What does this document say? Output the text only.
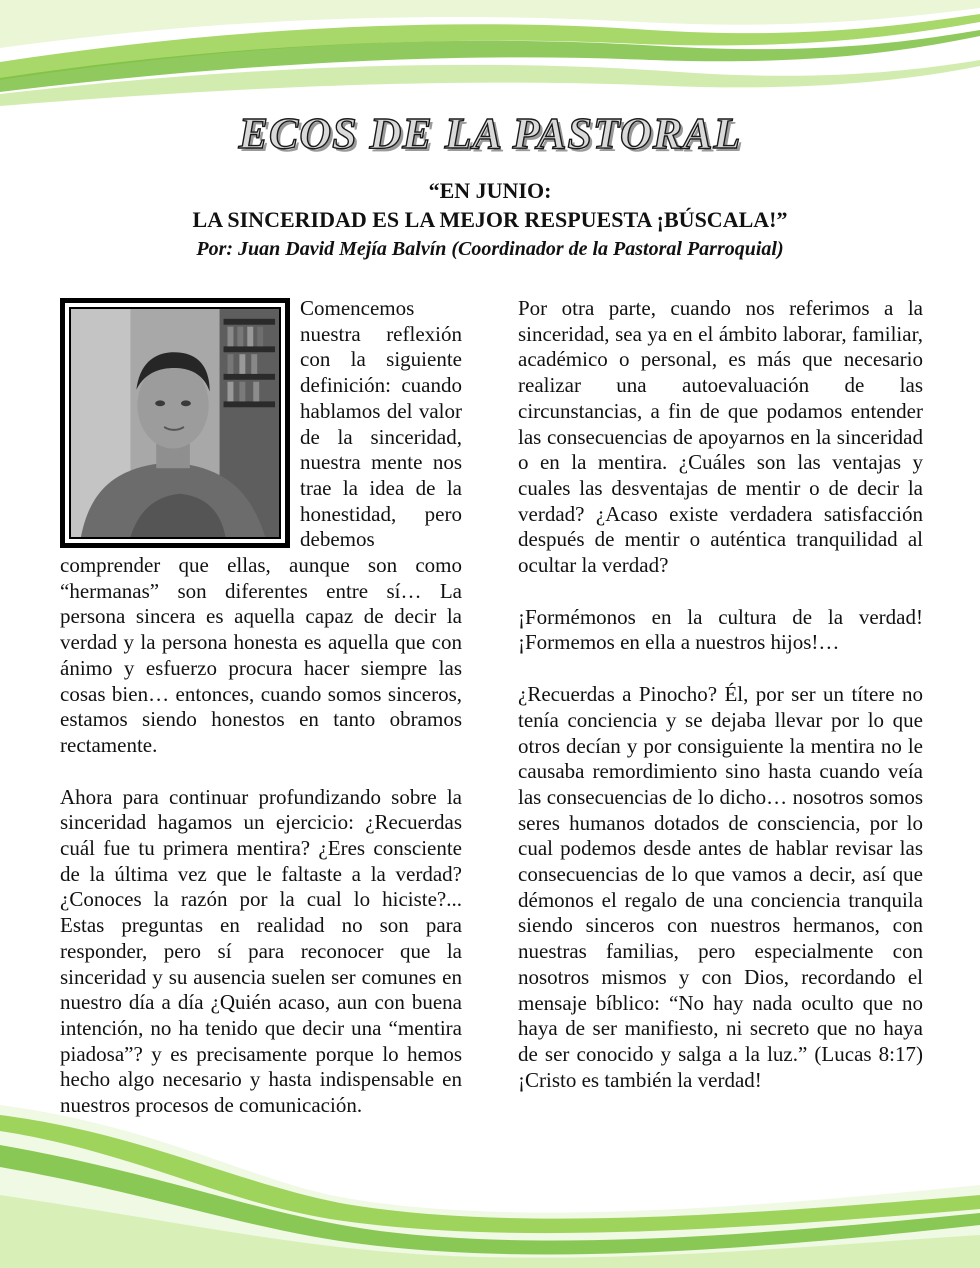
ECOS DE LA PASTORAL
“EN JUNIO:
LA SINCERIDAD ES LA MEJOR RESPUESTA ¡BÚSCALA!”
Por: Juan David Mejía Balvín (Coordinador de la Pastoral Parroquial)

Comencemos nuestra reflexión con la siguiente definición: cuando hablamos del valor de la sinceridad, nuestra mente nos trae la idea de la honestidad, pero debemos comprender que ellas, aunque son como “hermanas” son diferentes entre sí… La persona sincera es aquella capaz de decir la verdad y la persona honesta es aquella que con ánimo y esfuerzo procura hacer siempre las cosas bien… entonces, cuando somos sinceros, estamos siendo honestos en tanto obramos rectamente.

Ahora para continuar profundizando sobre la sinceridad hagamos un ejercicio: ¿Recuerdas cuál fue tu primera mentira? ¿Eres consciente de la última vez que le faltaste a la verdad? ¿Conoces la razón por la cual lo hiciste?... Estas preguntas en realidad no son para responder, pero sí para reconocer que la sinceridad y su ausencia suelen ser comunes en nuestro día a día ¿Quién acaso, aun con buena intención, no ha tenido que decir una “mentira piadosa”? y es precisamente porque lo hemos hecho algo necesario y hasta indispensable en nuestros procesos de comunicación.

Por otra parte, cuando nos referimos a la sinceridad, sea ya en el ámbito laborar, familiar, académico o personal, es más que necesario realizar una autoevaluación de las circunstancias, a fin de que podamos entender las consecuencias de apoyarnos en la sinceridad o en la mentira. ¿Cuáles son las ventajas y cuales las desventajas de mentir o de decir la verdad? ¿Acaso existe verdadera satisfacción después de mentir o auténtica tranquilidad al ocultar la verdad?

¡Formémonos en la cultura de la verdad! ¡Formemos en ella a nuestros hijos!…

¿Recuerdas a Pinocho? Él, por ser un títere no tenía conciencia y se dejaba llevar por lo que otros decían y por consiguiente la mentira no le causaba remordimiento sino hasta cuando veía las consecuencias de lo dicho… nosotros somos seres humanos dotados de consciencia, por lo cual podemos desde antes de hablar revisar las consecuencias de lo que vamos a decir, así que démonos el regalo de una conciencia tranquila siendo sinceros con nuestros hermanos, con nuestras familias, pero especialmente con nosotros mismos y con Dios, recordando el mensaje bíblico: “No hay nada oculto que no haya de ser manifiesto, ni secreto que no haya de ser conocido y salga a la luz.” (Lucas 8:17) ¡Cristo es también la verdad!
